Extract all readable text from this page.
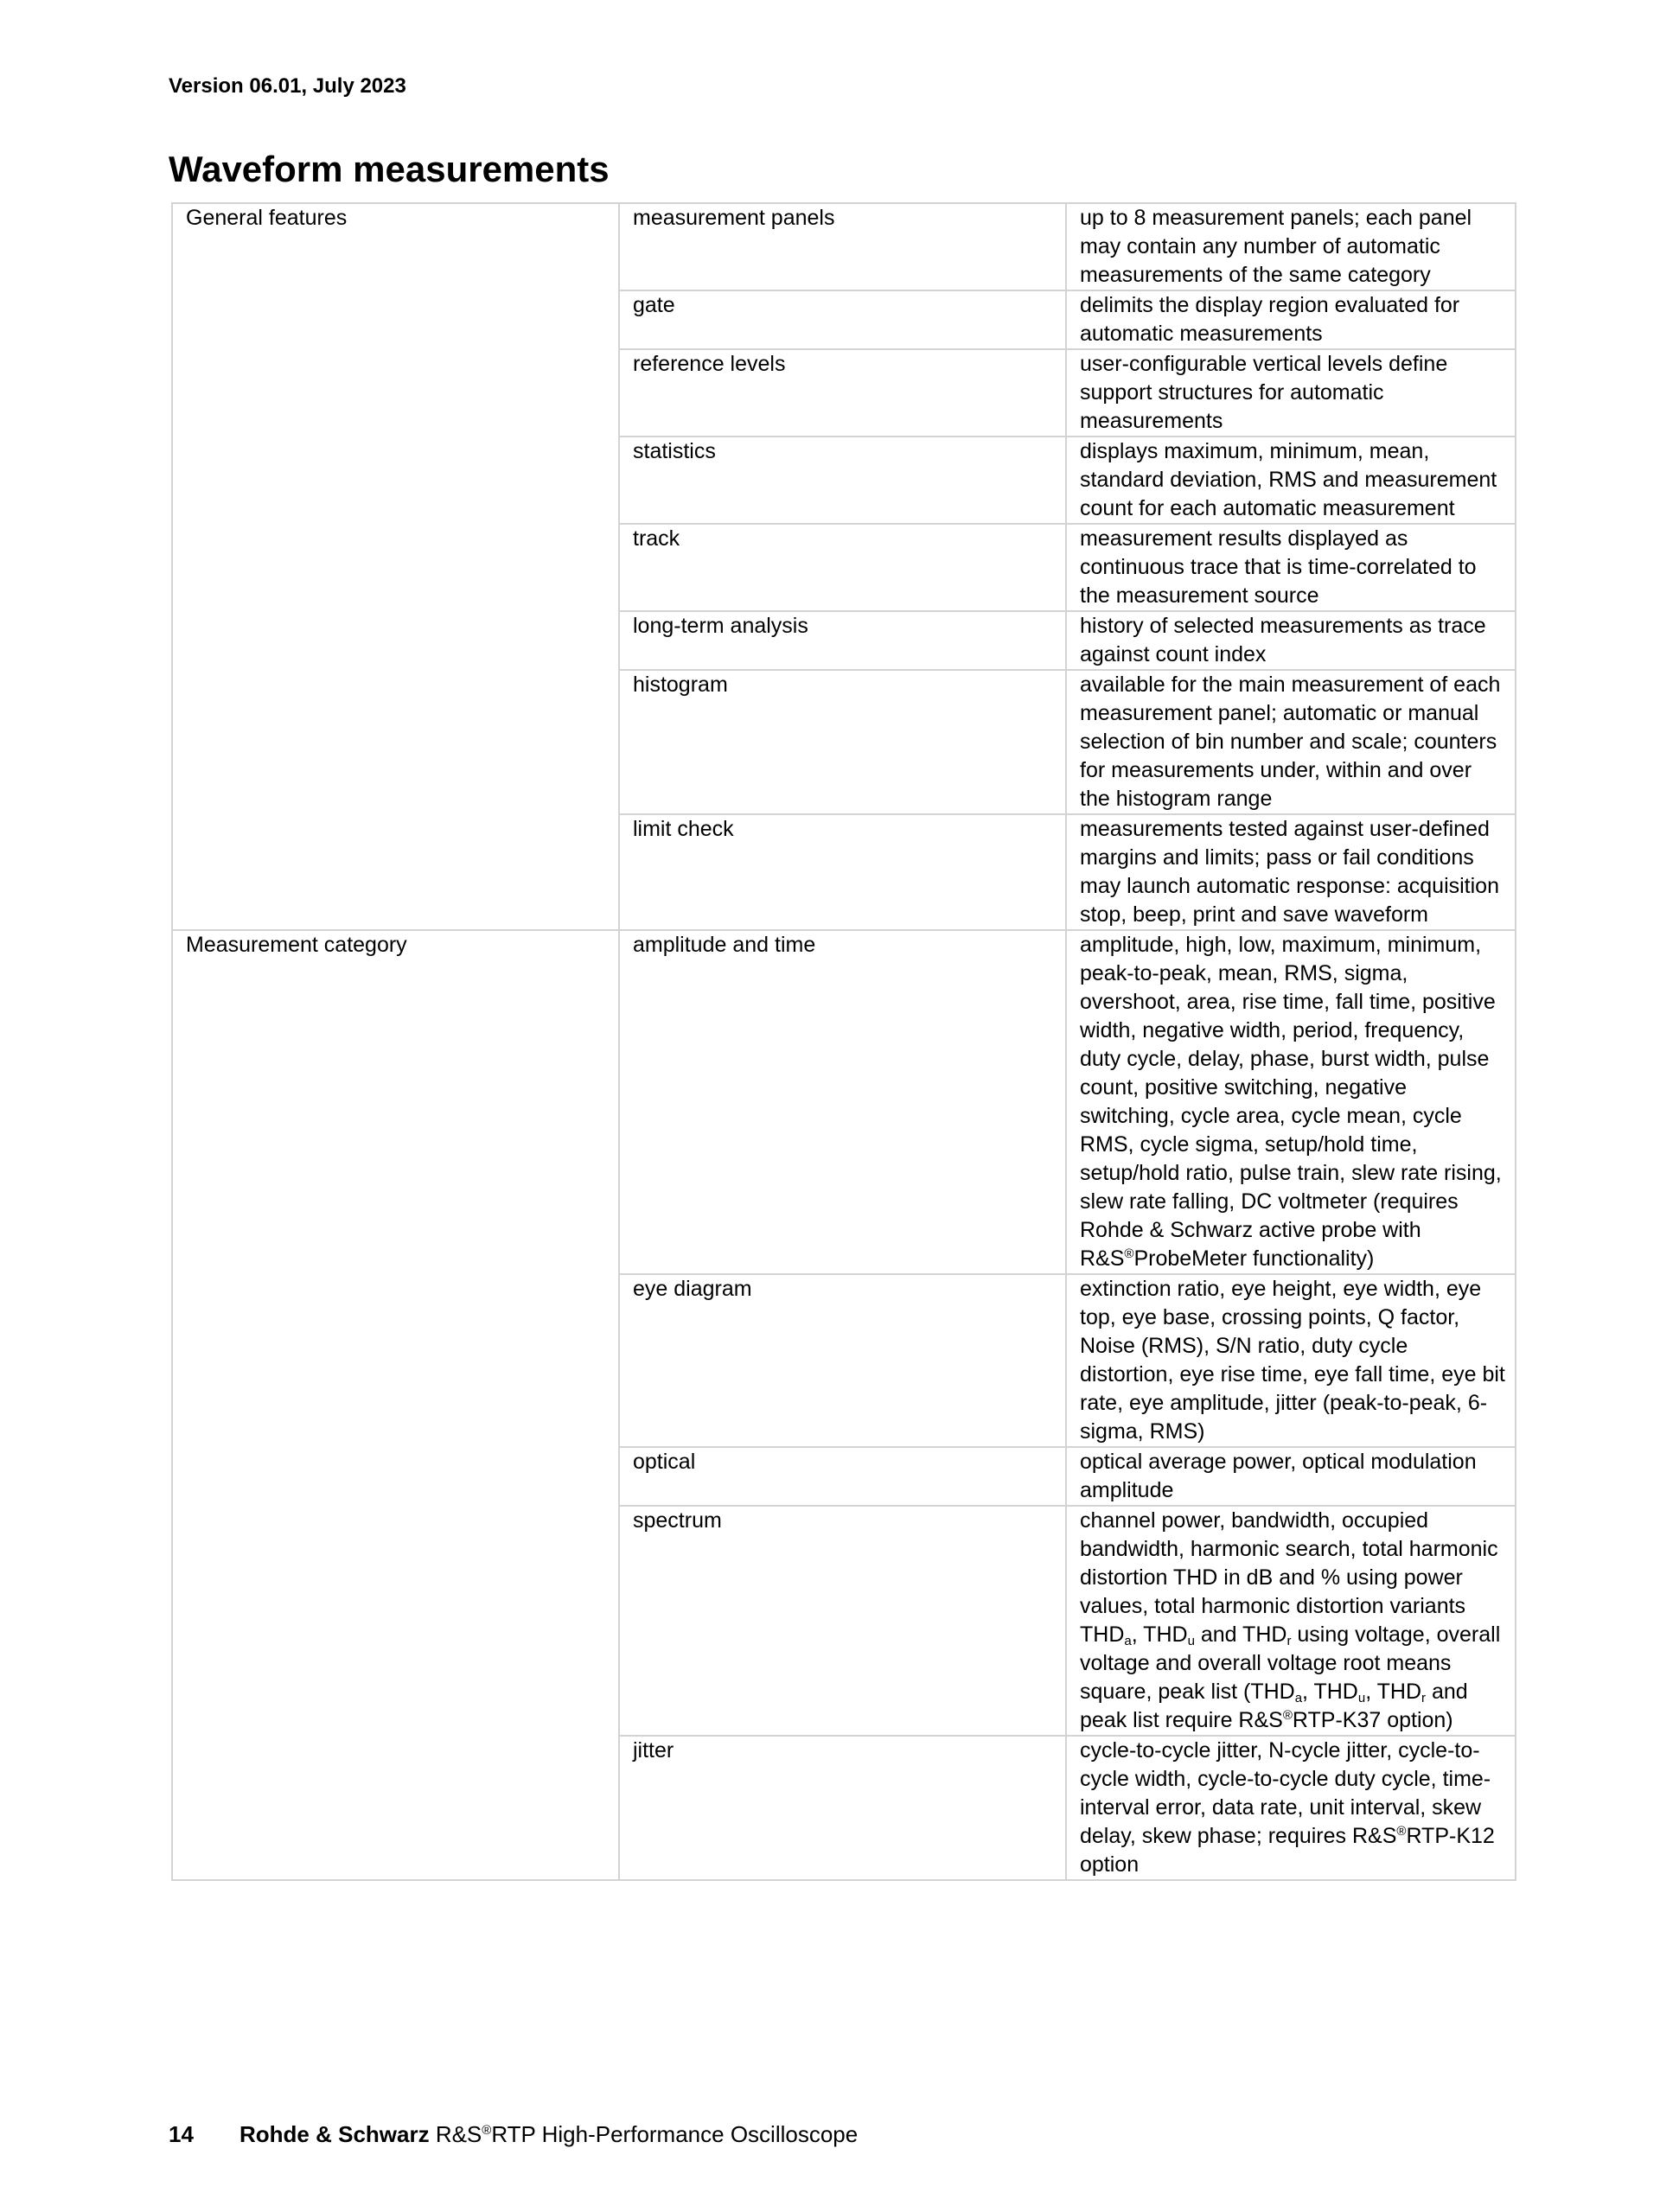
Version 06.01, July 2023
Waveform measurements
General features	measurement panels	up to 8 measurement panels; each panel may contain any number of automatic measurements of the same category
	gate	delimits the display region evaluated for automatic measurements
	reference levels	user-configurable vertical levels define support structures for automatic measurements
	statistics	displays maximum, minimum, mean, standard deviation, RMS and measurement count for each automatic measurement
	track	measurement results displayed as continuous trace that is time-correlated to the measurement source
	long-term analysis	history of selected measurements as trace against count index
	histogram	available for the main measurement of each measurement panel; automatic or manual selection of bin number and scale; counters for measurements under, within and over the histogram range
	limit check	measurements tested against user-defined margins and limits; pass or fail conditions may launch automatic response: acquisition stop, beep, print and save waveform
Measurement category	amplitude and time	amplitude, high, low, maximum, minimum, peak-to-peak, mean, RMS, sigma, overshoot, area, rise time, fall time, positive width, negative width, period, frequency, duty cycle, delay, phase, burst width, pulse count, positive switching, negative switching, cycle area, cycle mean, cycle RMS, cycle sigma, setup/hold time, setup/hold ratio, pulse train, slew rate rising, slew rate falling, DC voltmeter (requires Rohde & Schwarz active probe with R&S®ProbeMeter functionality)
	eye diagram	extinction ratio, eye height, eye width, eye top, eye base, crossing points, Q factor, Noise (RMS), S/N ratio, duty cycle distortion, eye rise time, eye fall time, eye bit rate, eye amplitude, jitter (peak-to-peak, 6-sigma, RMS)
	optical	optical average power, optical modulation amplitude
	spectrum	channel power, bandwidth, occupied bandwidth, harmonic search, total harmonic distortion THD in dB and % using power values, total harmonic distortion variants $THD_a$, $THD_u$ and $THD_r$ using voltage, overall voltage and overall voltage root means square, peak list ($THD_a$, $THD_u$, $THD_r$ and peak list require R&S®RTP-K37 option)
	jitter	cycle-to-cycle jitter, N-cycle jitter, cycle-to-cycle width, cycle-to-cycle duty cycle, time-interval error, data rate, unit interval, skew delay, skew phase; requires R&S®RTP-K12 option
14 Rohde & Schwarz R&S®RTP High-Performance Oscilloscope
